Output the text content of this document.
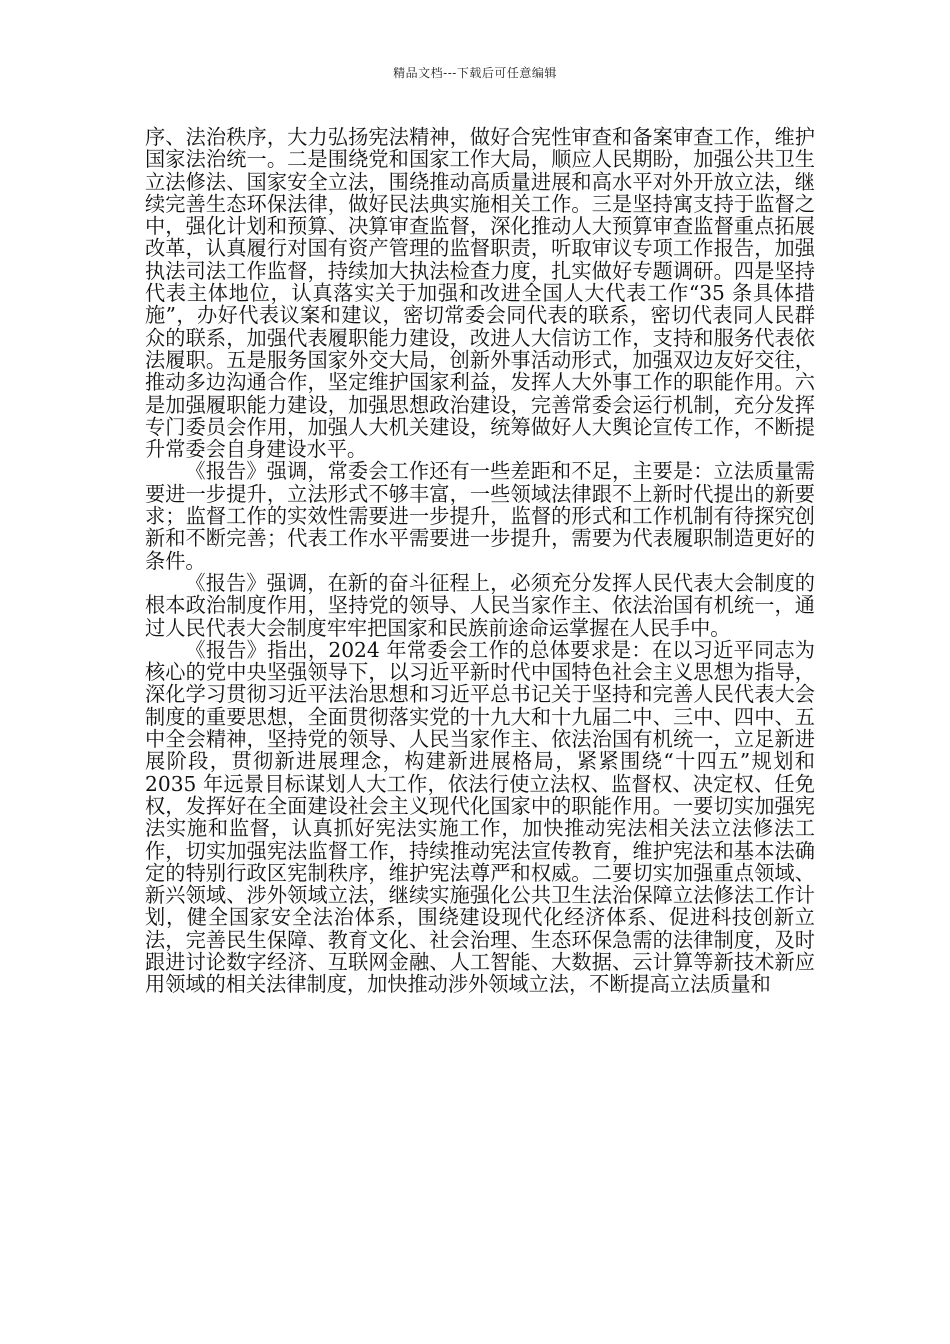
精品文档---下载后可任意编辑

序、法治秩序，大力弘扬宪法精神，做好合宪性审查和备案审查工作，维护国家法治统一。二是围绕党和国家工作大局，顺应人民期盼，加强公共卫生立法修法、国家安全立法，围绕推动高质量进展和高水平对外开放立法，继续完善生态环保法律，做好民法典实施相关工作。三是坚持寓支持于监督之中，强化计划和预算、决算审查监督，深化推动人大预算审查监督重点拓展改革，认真履行对国有资产管理的监督职责，听取审议专项工作报告，加强执法司法工作监督，持续加大执法检查力度，扎实做好专题调研。四是坚持代表主体地位，认真落实关于加强和改进全国人大代表工作“35 条具体措施”，办好代表议案和建议，密切常委会同代表的联系，密切代表同人民群众的联系，加强代表履职能力建设，改进人大信访工作，支持和服务代表依法履职。五是服务国家外交大局，创新外事活动形式，加强双边友好交往，推动多边沟通合作，坚定维护国家利益，发挥人大外事工作的职能作用。六是加强履职能力建设，加强思想政治建设，完善常委会运行机制，充分发挥专门委员会作用，加强人大机关建设，统筹做好人大舆论宣传工作，不断提升常委会自身建设水平。

《报告》强调，常委会工作还有一些差距和不足，主要是：立法质量需要进一步提升，立法形式不够丰富，一些领域法律跟不上新时代提出的新要求；监督工作的实效性需要进一步提升，监督的形式和工作机制有待探究创新和不断完善；代表工作水平需要进一步提升，需要为代表履职制造更好的条件。

《报告》强调，在新的奋斗征程上，必须充分发挥人民代表大会制度的根本政治制度作用，坚持党的领导、人民当家作主、依法治国有机统一，通过人民代表大会制度牢牢把国家和民族前途命运掌握在人民手中。

《报告》指出，2024 年常委会工作的总体要求是：在以习近平同志为核心的党中央坚强领导下，以习近平新时代中国特色社会主义思想为指导，深化学习贯彻习近平法治思想和习近平总书记关于坚持和完善人民代表大会制度的重要思想，全面贯彻落实党的十九大和十九届二中、三中、四中、五中全会精神，坚持党的领导、人民当家作主、依法治国有机统一，立足新进展阶段，贯彻新进展理念，构建新进展格局，紧紧围绕“十四五”规划和 2035 年远景目标谋划人大工作，依法行使立法权、监督权、决定权、任免权，发挥好在全面建设社会主义现代化国家中的职能作用。一要切实加强宪法实施和监督，认真抓好宪法实施工作，加快推动宪法相关法立法修法工作，切实加强宪法监督工作，持续推动宪法宣传教育，维护宪法和基本法确定的特别行政区宪制秩序，维护宪法尊严和权威。二要切实加强重点领域、新兴领域、涉外领域立法，继续实施强化公共卫生法治保障立法修法工作计划，健全国家安全法治体系，围绕建设现代化经济体系、促进科技创新立法，完善民生保障、教育文化、社会治理、生态环保急需的法律制度，及时跟进讨论数字经济、互联网金融、人工智能、大数据、云计算等新技术新应用领域的相关法律制度，加快推动涉外领域立法，不断提高立法质量和
